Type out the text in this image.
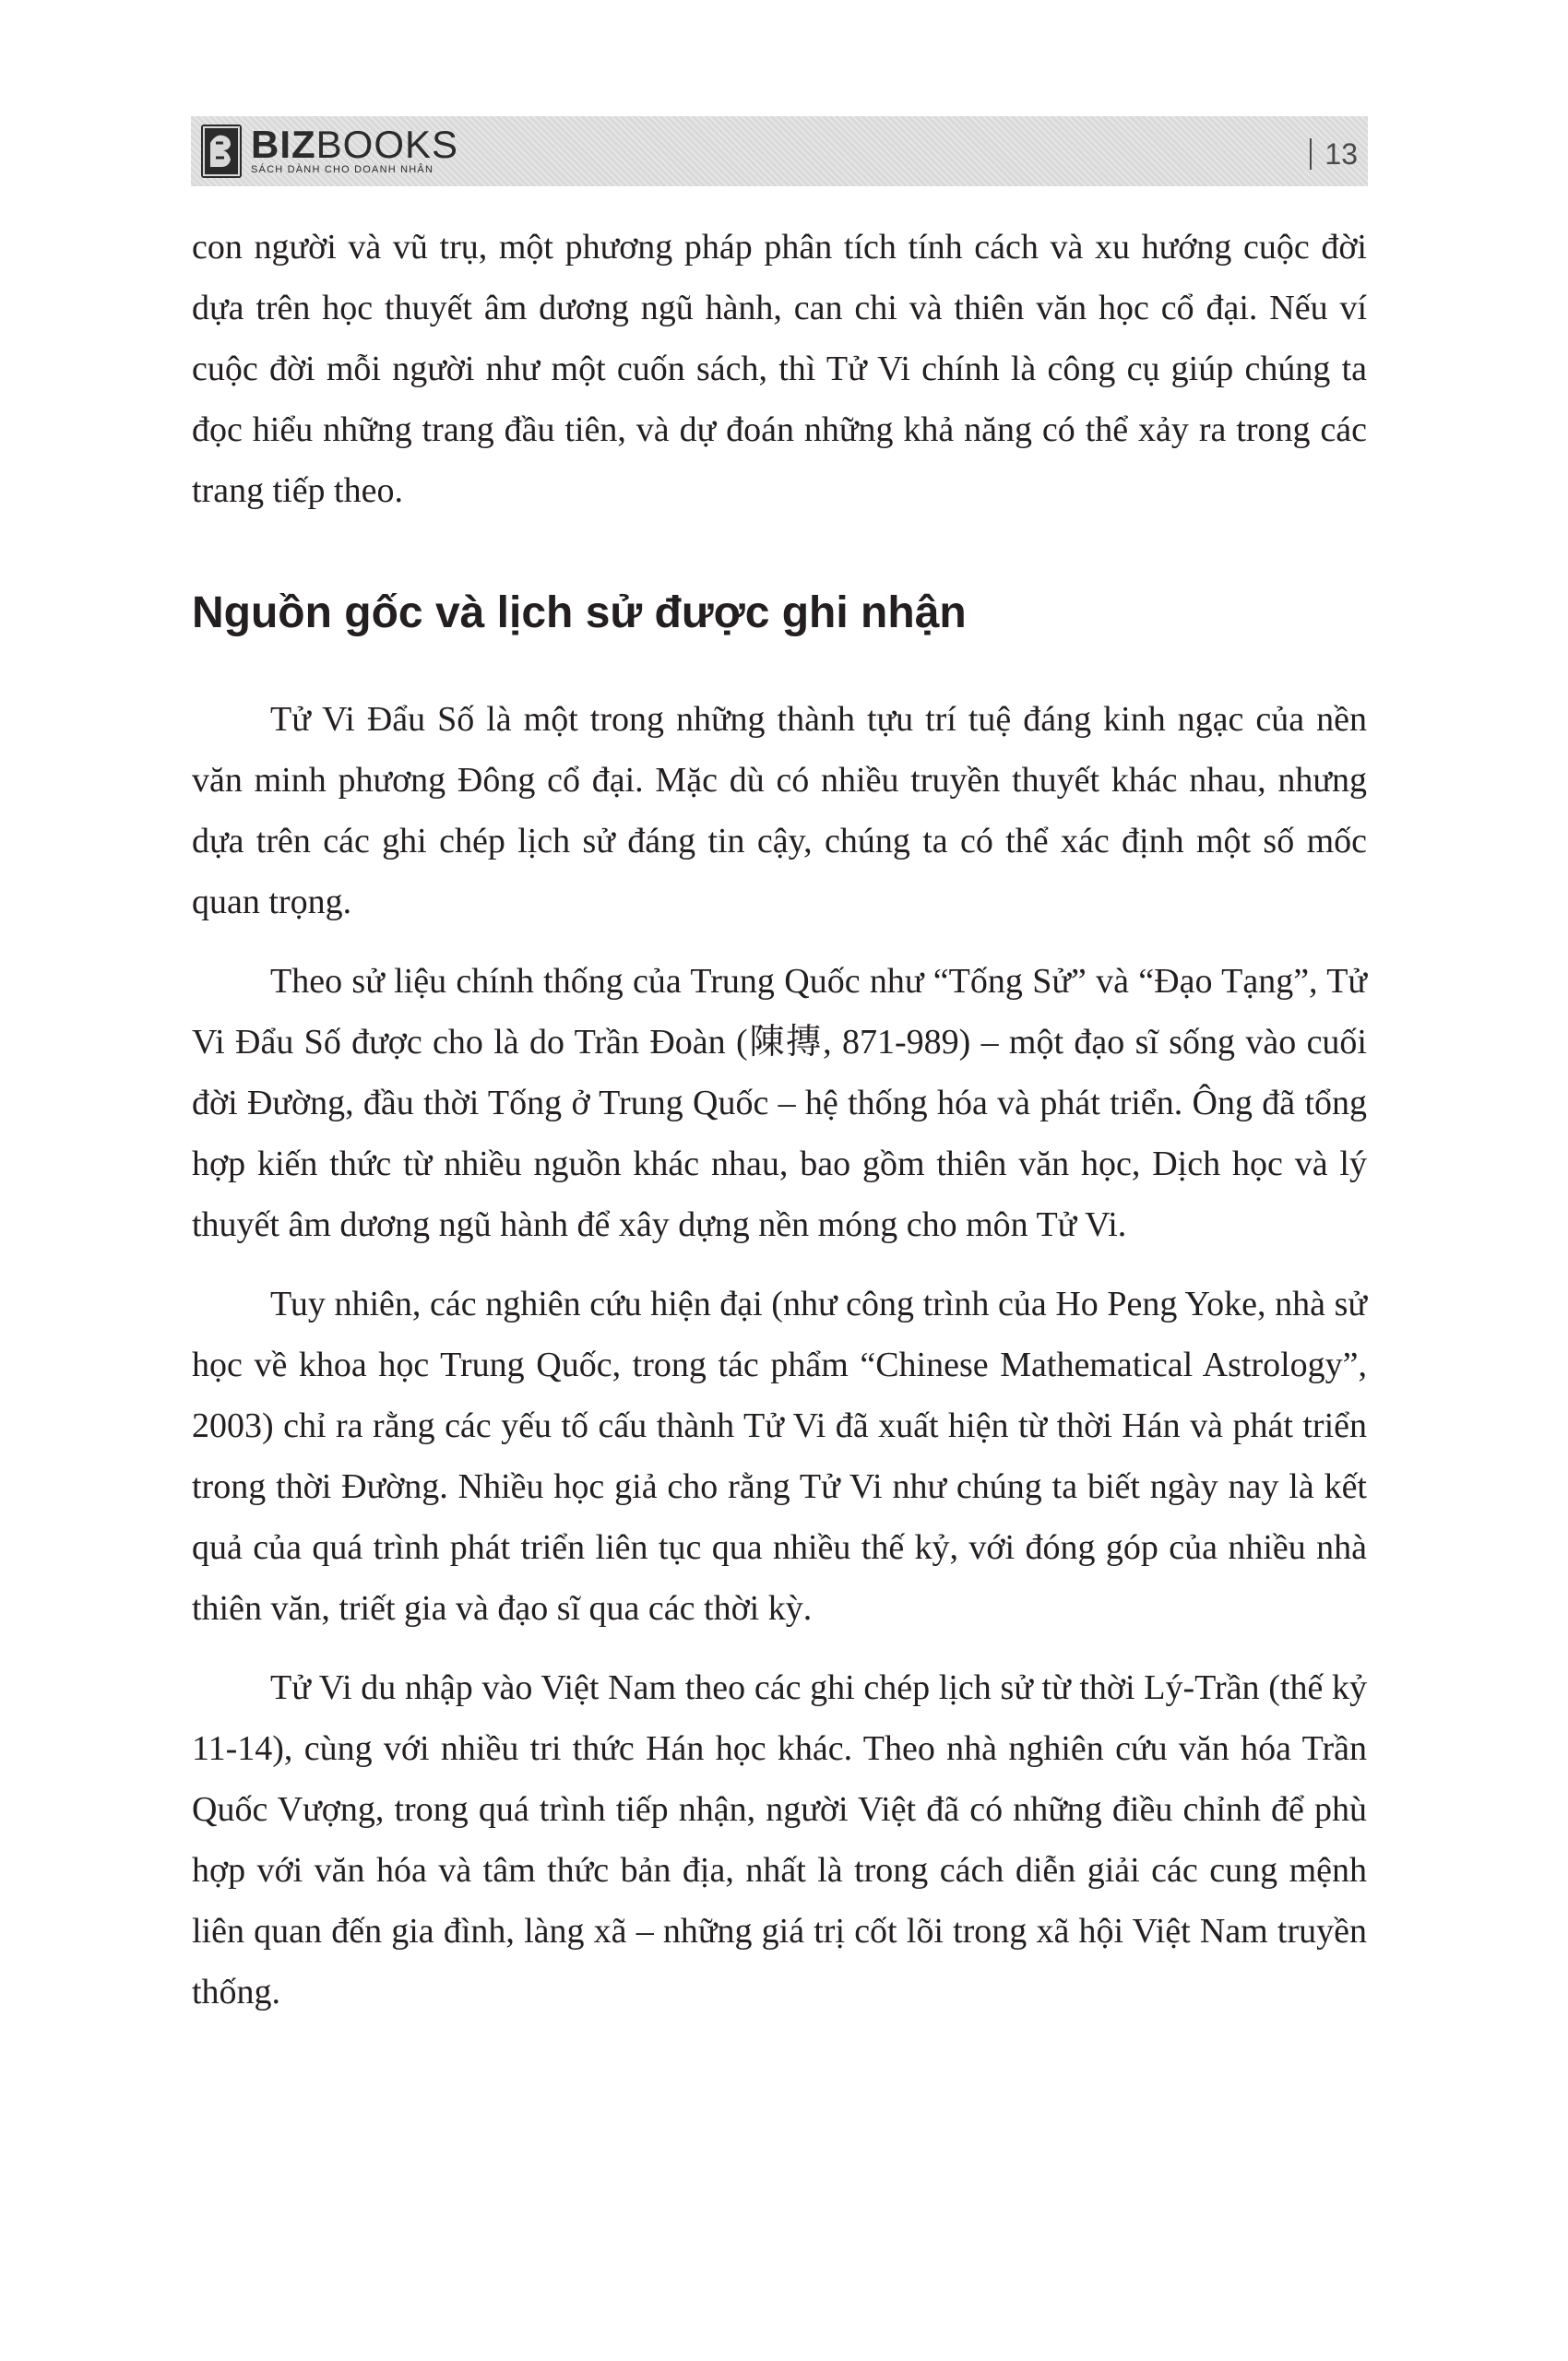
BIZBOOKS
SÁCH DÀNH CHO DOANH NHÂN	13

con người và vũ trụ, một phương pháp phân tích tính cách và xu hướng cuộc đời dựa trên học thuyết âm dương ngũ hành, can chi và thiên văn học cổ đại. Nếu ví cuộc đời mỗi người như một cuốn sách, thì Tử Vi chính là công cụ giúp chúng ta đọc hiểu những trang đầu tiên, và dự đoán những khả năng có thể xảy ra trong các trang tiếp theo.

Nguồn gốc và lịch sử được ghi nhận

Tử Vi Đẩu Số là một trong những thành tựu trí tuệ đáng kinh ngạc của nền văn minh phương Đông cổ đại. Mặc dù có nhiều truyền thuyết khác nhau, nhưng dựa trên các ghi chép lịch sử đáng tin cậy, chúng ta có thể xác định một số mốc quan trọng.

Theo sử liệu chính thống của Trung Quốc như “Tống Sử” và “Đạo Tạng”, Tử Vi Đẩu Số được cho là do Trần Đoàn (陳摶, 871-989) – một đạo sĩ sống vào cuối đời Đường, đầu thời Tống ở Trung Quốc – hệ thống hóa và phát triển. Ông đã tổng hợp kiến thức từ nhiều nguồn khác nhau, bao gồm thiên văn học, Dịch học và lý thuyết âm dương ngũ hành để xây dựng nền móng cho môn Tử Vi.

Tuy nhiên, các nghiên cứu hiện đại (như công trình của Ho Peng Yoke, nhà sử học về khoa học Trung Quốc, trong tác phẩm “Chinese Mathematical Astrology”, 2003) chỉ ra rằng các yếu tố cấu thành Tử Vi đã xuất hiện từ thời Hán và phát triển trong thời Đường. Nhiều học giả cho rằng Tử Vi như chúng ta biết ngày nay là kết quả của quá trình phát triển liên tục qua nhiều thế kỷ, với đóng góp của nhiều nhà thiên văn, triết gia và đạo sĩ qua các thời kỳ.

Tử Vi du nhập vào Việt Nam theo các ghi chép lịch sử từ thời Lý-Trần (thế kỷ 11-14), cùng với nhiều tri thức Hán học khác. Theo nhà nghiên cứu văn hóa Trần Quốc Vượng, trong quá trình tiếp nhận, người Việt đã có những điều chỉnh để phù hợp với văn hóa và tâm thức bản địa, nhất là trong cách diễn giải các cung mệnh liên quan đến gia đình, làng xã – những giá trị cốt lõi trong xã hội Việt Nam truyền thống.
